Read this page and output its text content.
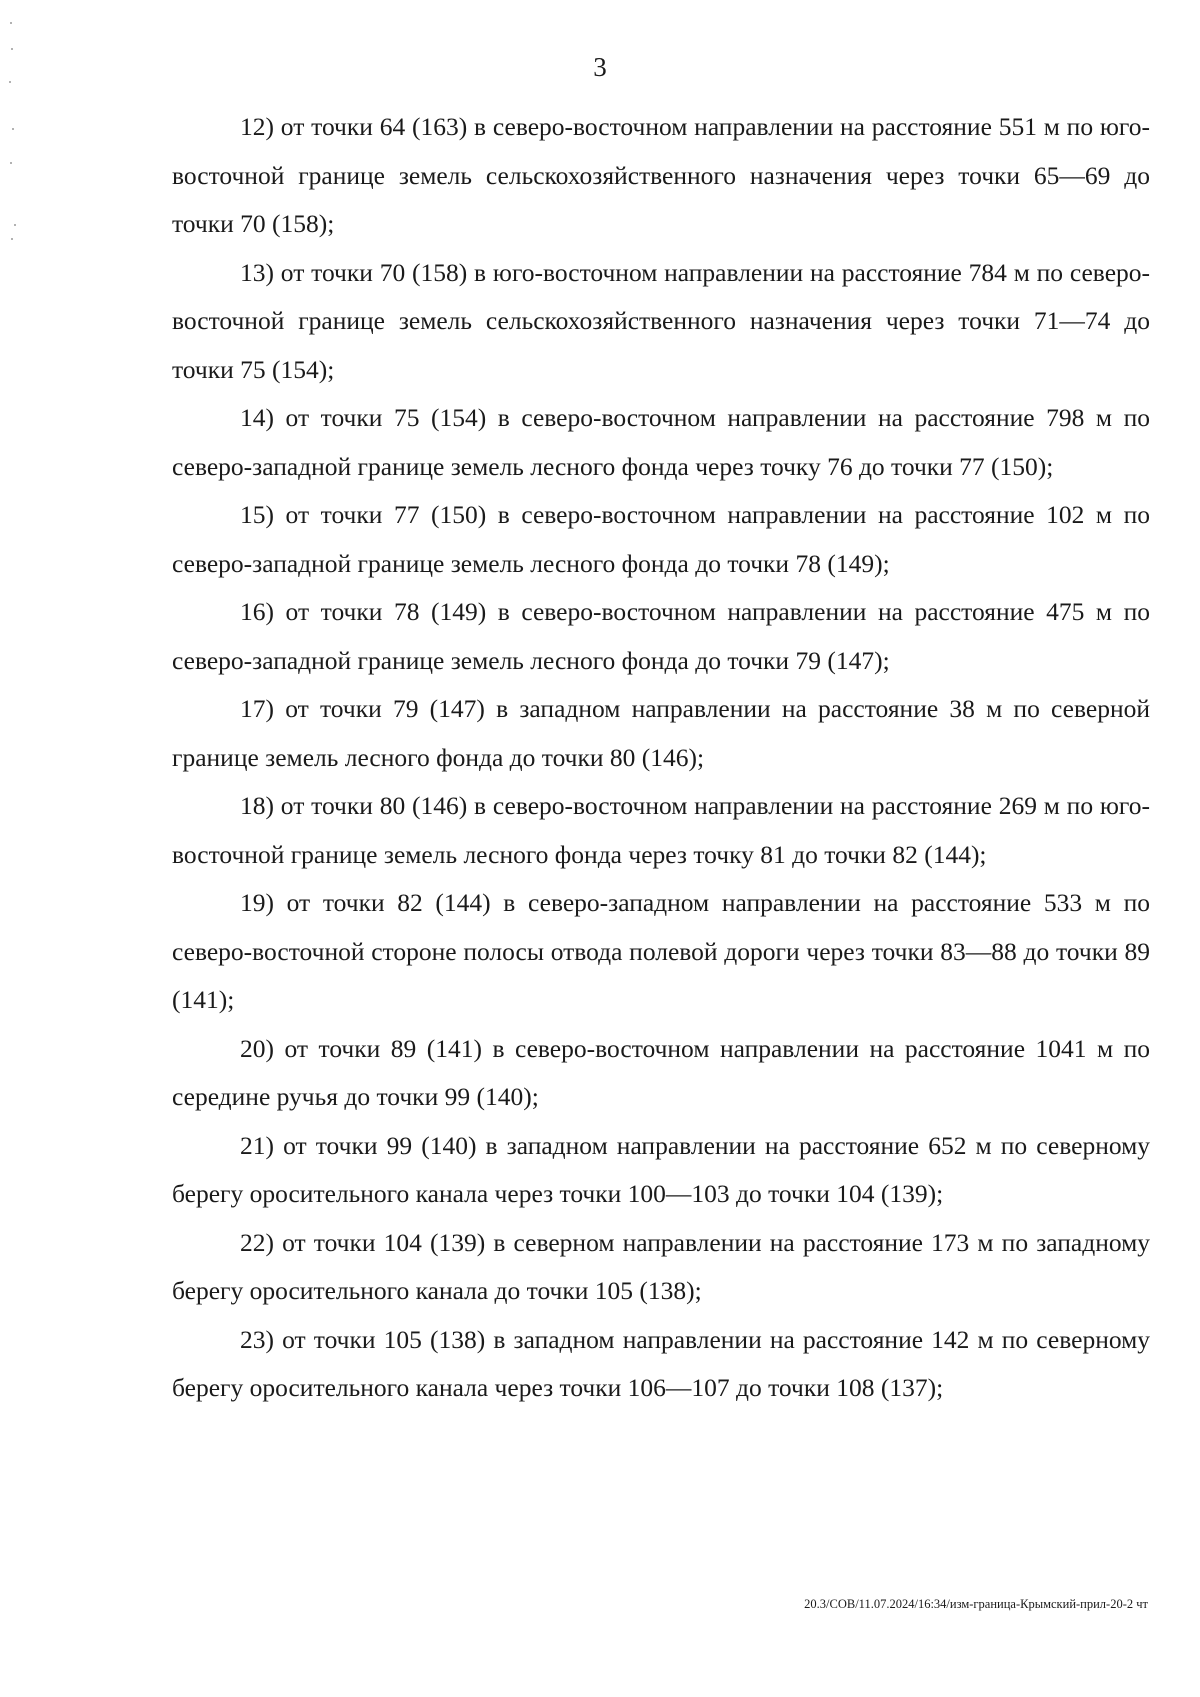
3

12) от точки 64 (163) в северо-восточном направлении на расстояние 551 м по юго-восточной границе земель сельскохозяйственного назначения через точки 65—69 до точки 70 (158);

13) от точки 70 (158) в юго-восточном направлении на расстояние 784 м по северо-восточной границе земель сельскохозяйственного назначения через точки 71—74 до точки 75 (154);

14) от точки 75 (154) в северо-восточном направлении на расстояние 798 м по северо-западной границе земель лесного фонда через точку 76 до точки 77 (150);

15) от точки 77 (150) в северо-восточном направлении на расстояние 102 м по северо-западной границе земель лесного фонда до точки 78 (149);

16) от точки 78 (149) в северо-восточном направлении на расстояние 475 м по северо-западной границе земель лесного фонда до точки 79 (147);

17) от точки 79 (147) в западном направлении на расстояние 38 м по северной границе земель лесного фонда до точки 80 (146);

18) от точки 80 (146) в северо-восточном направлении на расстояние 269 м по юго-восточной границе земель лесного фонда через точку 81 до точки 82 (144);

19) от точки 82 (144) в северо-западном направлении на расстояние 533 м по северо-восточной стороне полосы отвода полевой дороги через точки 83—88 до точки 89 (141);

20) от точки 89 (141) в северо-восточном направлении на расстояние 1041 м по середине ручья до точки 99 (140);

21) от точки 99 (140) в западном направлении на расстояние 652 м по северному берегу оросительного канала через точки 100—103 до точки 104 (139);

22) от точки 104 (139) в северном направлении на расстояние 173 м по западному берегу оросительного канала до точки 105 (138);

23) от точки 105 (138) в западном направлении на расстояние 142 м по северному берегу оросительного канала через точки 106—107 до точки 108 (137);

20.3/СОВ/11.07.2024/16:34/изм-граница-Крымский-прил-20-2 чт
